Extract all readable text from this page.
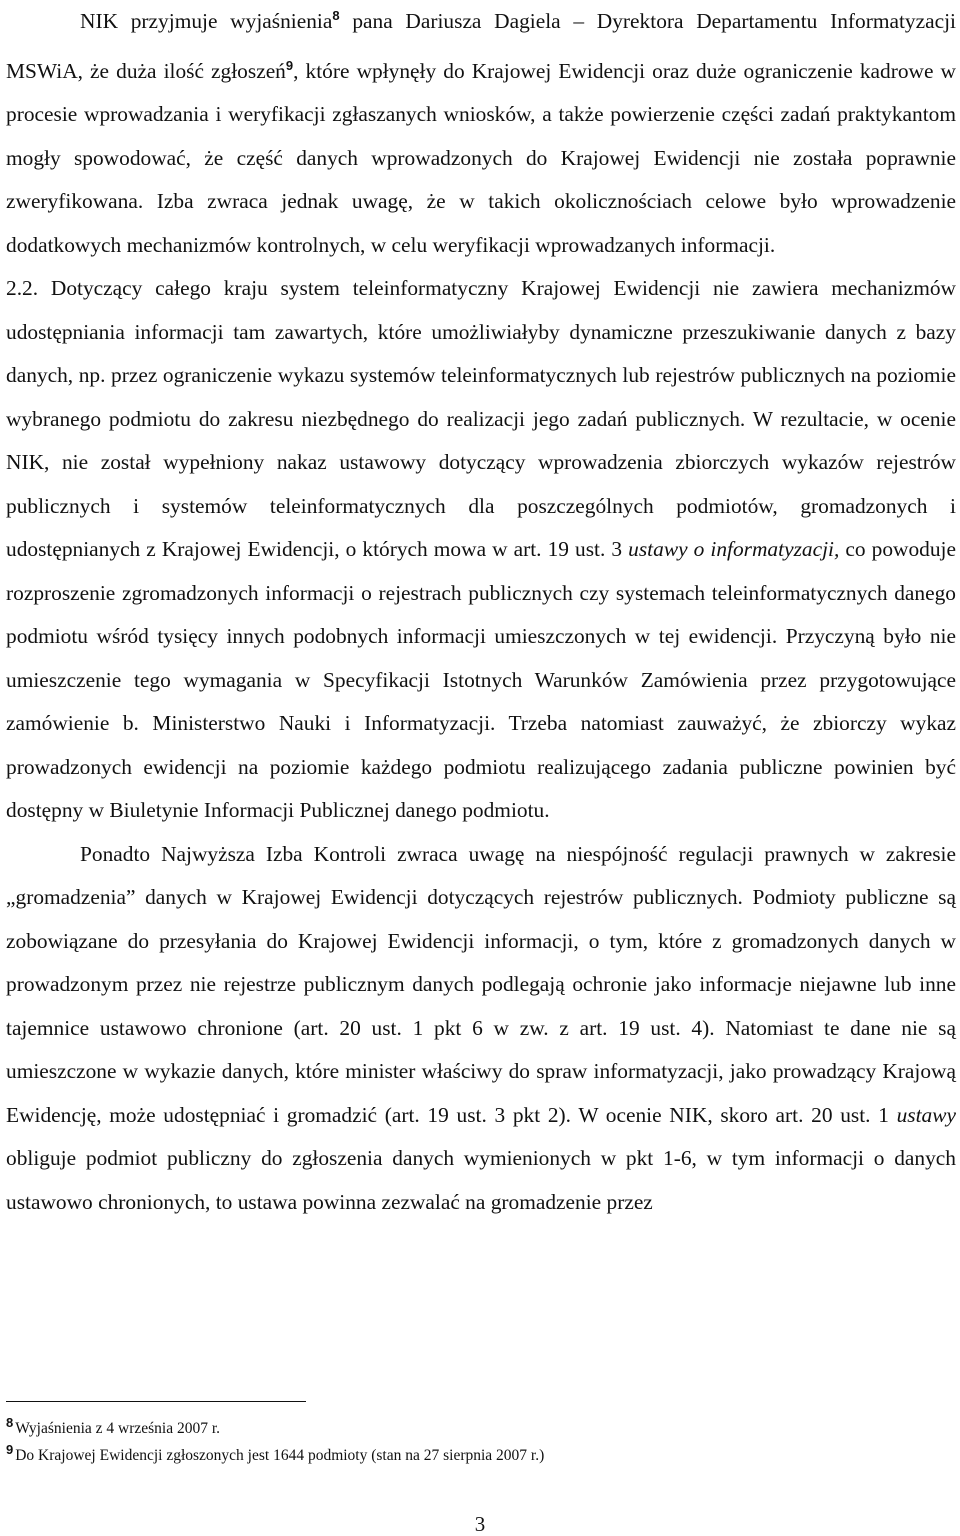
NIK przyjmuje wyjaśnienia$^8$ pana Dariusza Dagiela – Dyrektora Departamentu Informatyzacji MSWiA, że duża ilość zgłoszeń$^9$, które wpłynęły do Krajowej Ewidencji oraz duże ograniczenie kadrowe w procesie wprowadzania i weryfikacji zgłaszanych wniosków, a także powierzenie części zadań praktykantom mogły spowodować, że część danych wprowadzonych do Krajowej Ewidencji nie została poprawnie zweryfikowana. Izba zwraca jednak uwagę, że w takich okolicznościach celowe było wprowadzenie dodatkowych mechanizmów kontrolnych, w celu weryfikacji wprowadzanych informacji.

2.2. Dotyczący całego kraju system teleinformatyczny Krajowej Ewidencji nie zawiera mechanizmów udostępniania informacji tam zawartych, które umożliwiałyby dynamiczne przeszukiwanie danych z bazy danych, np. przez ograniczenie wykazu systemów teleinformatycznych lub rejestrów publicznych na poziomie wybranego podmiotu do zakresu niezbędnego do realizacji jego zadań publicznych. W rezultacie, w ocenie NIK, nie został wypełniony nakaz ustawowy dotyczący wprowadzenia zbiorczych wykazów rejestrów publicznych i systemów teleinformatycznych dla poszczególnych podmiotów, gromadzonych i udostępnianych z Krajowej Ewidencji, o których mowa w art. 19 ust. 3 ustawy o informatyzacji, co powoduje rozproszenie zgromadzonych informacji o rejestrach publicznych czy systemach teleinformatycznych danego podmiotu wśród tysięcy innych podobnych informacji umieszczonych w tej ewidencji. Przyczyną było nie umieszczenie tego wymagania w Specyfikacji Istotnych Warunków Zamówienia przez przygotowujące zamówienie b. Ministerstwo Nauki i Informatyzacji. Trzeba natomiast zauważyć, że zbiorczy wykaz prowadzonych ewidencji na poziomie każdego podmiotu realizującego zadania publiczne powinien być dostępny w Biuletynie Informacji Publicznej danego podmiotu.

Ponadto Najwyższa Izba Kontroli zwraca uwagę na niespójność regulacji prawnych w zakresie „gromadzenia” danych w Krajowej Ewidencji dotyczących rejestrów publicznych. Podmioty publiczne są zobowiązane do przesyłania do Krajowej Ewidencji informacji, o tym, które z gromadzonych danych w prowadzonym przez nie rejestrze publicznym danych podlegają ochronie jako informacje niejawne lub inne tajemnice ustawowo chronione (art. 20 ust. 1 pkt 6 w zw. z art. 19 ust. 4). Natomiast te dane nie są umieszczone w wykazie danych, które minister właściwy do spraw informatyzacji, jako prowadzący Krajową Ewidencję, może udostępniać i gromadzić (art. 19 ust. 3 pkt 2). W ocenie NIK, skoro art. 20 ust. 1 ustawy obliguje podmiot publiczny do zgłoszenia danych wymienionych w pkt 1-6, w tym informacji o danych ustawowo chronionych, to ustawa powinna zezwalać na gromadzenie przez

$^8$ Wyjaśnienia z 4 września 2007 r.
$^9$ Do Krajowej Ewidencji zgłoszonych jest 1644 podmioty (stan na 27 sierpnia 2007 r.)
3
